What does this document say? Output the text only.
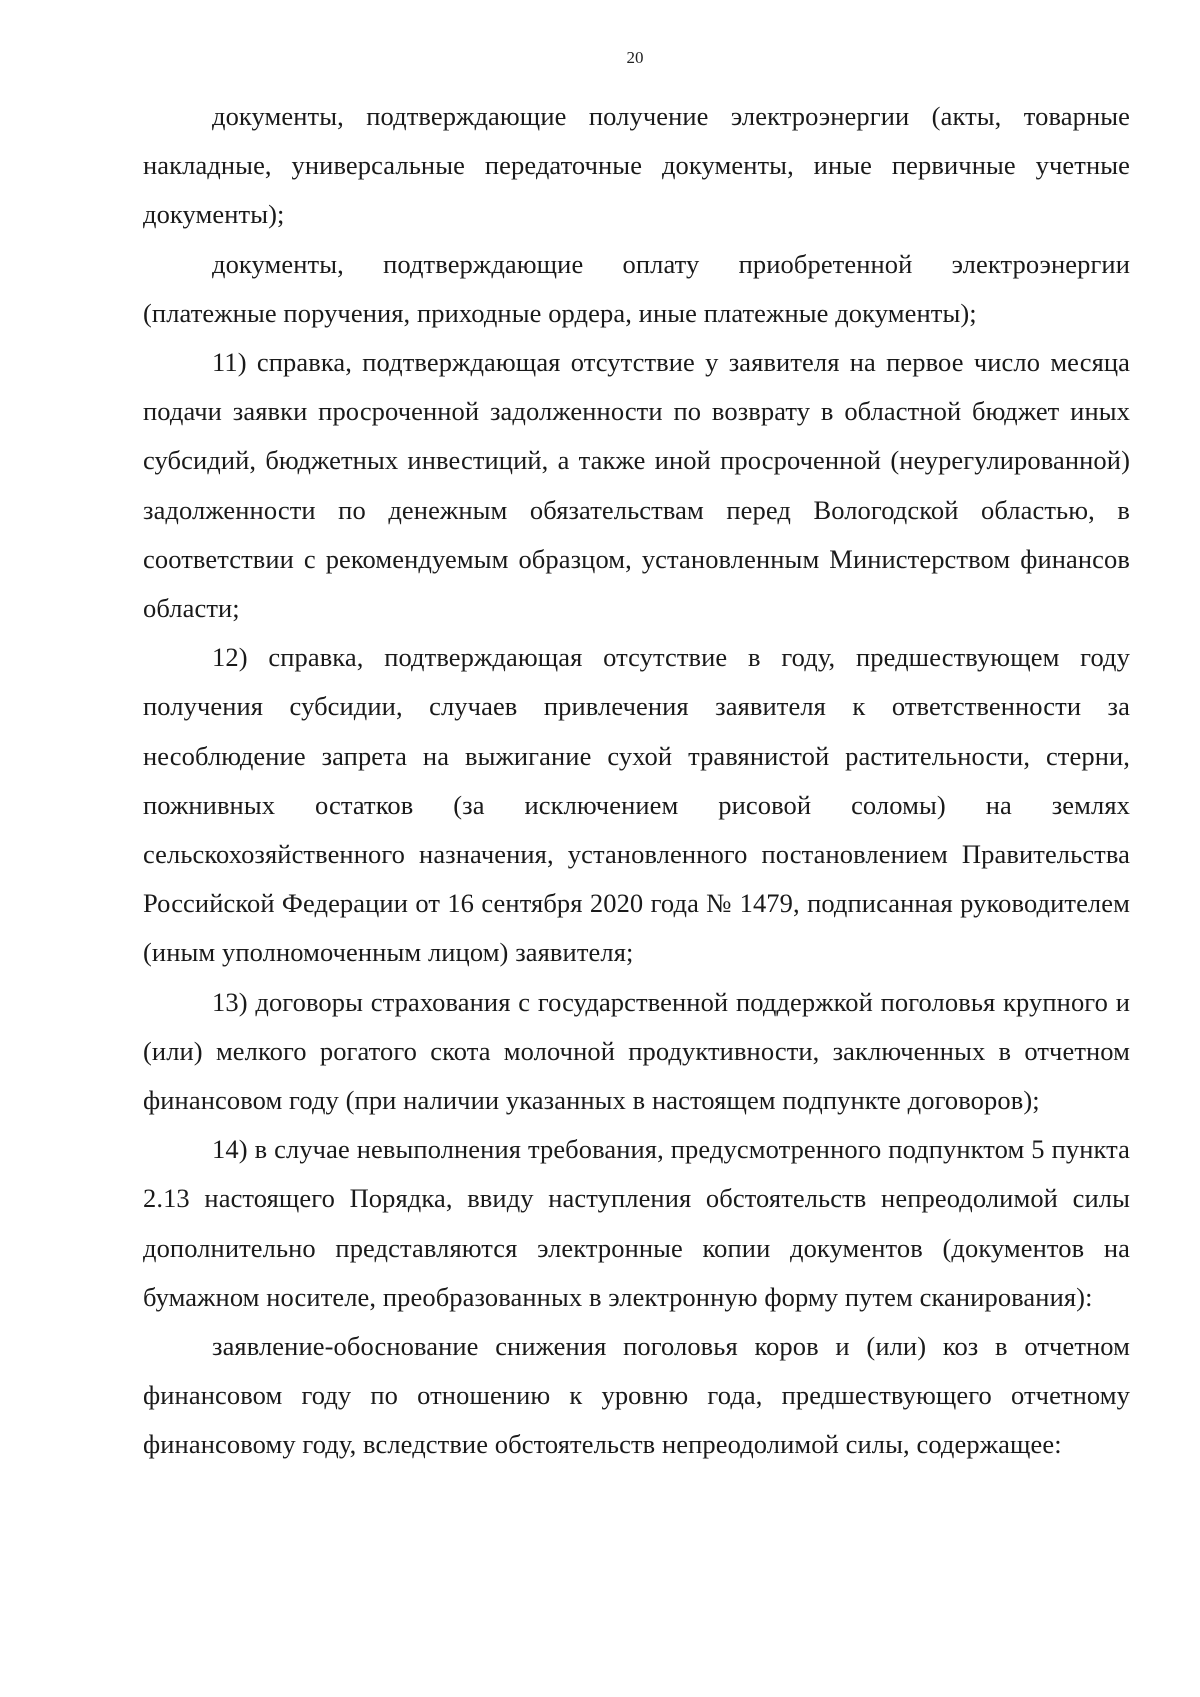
20

документы, подтверждающие получение электроэнергии (акты, товарные накладные, универсальные передаточные документы, иные первичные учетные документы);

документы, подтверждающие оплату приобретенной электроэнергии (платежные поручения, приходные ордера, иные платежные документы);

11) справка, подтверждающая отсутствие у заявителя на первое число месяца подачи заявки просроченной задолженности по возврату в областной бюджет иных субсидий, бюджетных инвестиций, а также иной просроченной (неурегулированной) задолженности по денежным обязательствам перед Вологодской областью, в соответствии с рекомендуемым образцом, установленным Министерством финансов области;

12) справка, подтверждающая отсутствие в году, предшествующем году получения субсидии, случаев привлечения заявителя к ответственности за несоблюдение запрета на выжигание сухой травянистой растительности, стерни, пожнивных остатков (за исключением рисовой соломы) на землях сельскохозяйственного назначения, установленного постановлением Правительства Российской Федерации от 16 сентября 2020 года № 1479, подписанная руководителем (иным уполномоченным лицом) заявителя;

13) договоры страхования с государственной поддержкой поголовья крупного и (или) мелкого рогатого скота молочной продуктивности, заключенных в отчетном финансовом году (при наличии указанных в настоящем подпункте договоров);

14) в случае невыполнения требования, предусмотренного подпунктом 5 пункта 2.13 настоящего Порядка, ввиду наступления обстоятельств непреодолимой силы дополнительно представляются электронные копии документов (документов на бумажном носителе, преобразованных в электронную форму путем сканирования):

заявление-обоснование снижения поголовья коров и (или) коз в отчетном финансовом году по отношению к уровню года, предшествующего отчетному финансовому году, вследствие обстоятельств непреодолимой силы, содержащее:
